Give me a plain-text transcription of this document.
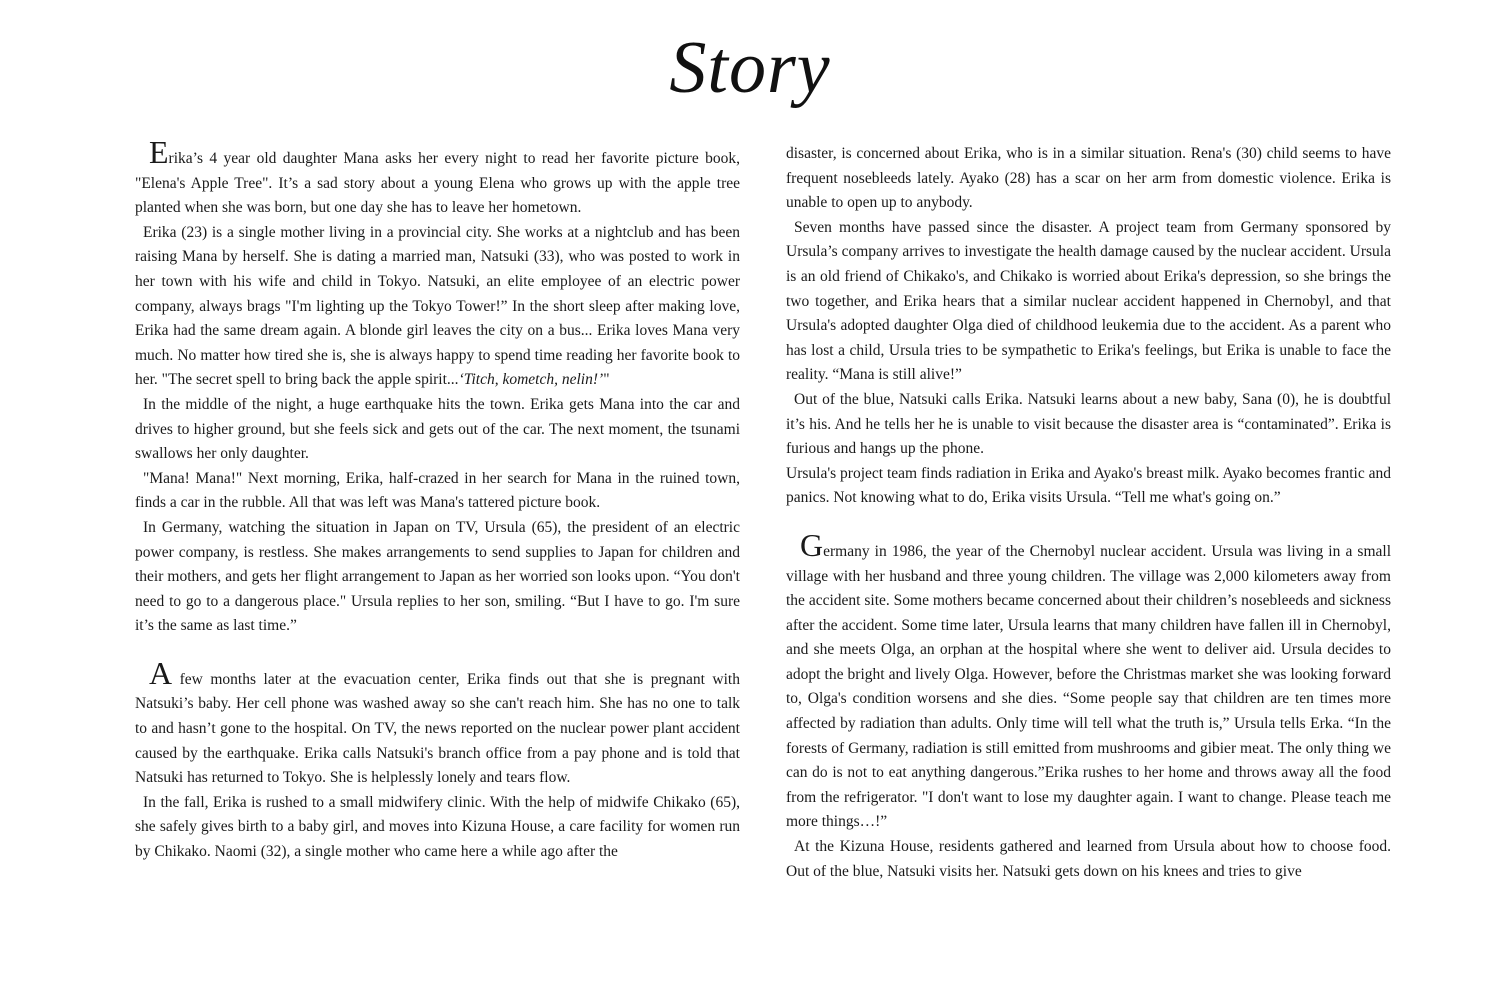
Story

Erika’s 4 year old daughter Mana asks her every night to read her favorite picture book, "Elena's Apple Tree". It’s a sad story about a young Elena who grows up with the apple tree planted when she was born, but one day she has to leave her hometown.

Erika (23) is a single mother living in a provincial city. She works at a nightclub and has been raising Mana by herself. She is dating a married man, Natsuki (33), who was posted to work in her town with his wife and child in Tokyo. Natsuki, an elite employee of an electric power company, always brags "I'm lighting up the Tokyo Tower!” In the short sleep after making love, Erika had the same dream again. A blonde girl leaves the city on a bus... Erika loves Mana very much. No matter how tired she is, she is always happy to spend time reading her favorite book to her. "The secret spell to bring back the apple spirit...‘Titch, kometch, nelin!’"

In the middle of the night, a huge earthquake hits the town. Erika gets Mana into the car and drives to higher ground, but she feels sick and gets out of the car. The next moment, the tsunami swallows her only daughter.

"Mana! Mana!" Next morning, Erika, half-crazed in her search for Mana in the ruined town, finds a car in the rubble. All that was left was Mana's tattered picture book.

In Germany, watching the situation in Japan on TV, Ursula (65), the president of an electric power company, is restless. She makes arrangements to send supplies to Japan for children and their mothers, and gets her flight arrangement to Japan as her worried son looks upon. “You don't need to go to a dangerous place." Ursula replies to her son, smiling. “But I have to go. I'm sure it’s the same as last time.”

A few months later at the evacuation center, Erika finds out that she is pregnant with Natsuki’s baby. Her cell phone was washed away so she can't reach him. She has no one to talk to and hasn’t gone to the hospital. On TV, the news reported on the nuclear power plant accident caused by the earthquake. Erika calls Natsuki's branch office from a pay phone and is told that Natsuki has returned to Tokyo. She is helplessly lonely and tears flow.

In the fall, Erika is rushed to a small midwifery clinic. With the help of midwife Chikako (65), she safely gives birth to a baby girl, and moves into Kizuna House, a care facility for women run by Chikako. Naomi (32), a single mother who came here a while ago after the

disaster, is concerned about Erika, who is in a similar situation. Rena's (30) child seems to have frequent nosebleeds lately. Ayako (28) has a scar on her arm from domestic violence. Erika is unable to open up to anybody.

Seven months have passed since the disaster. A project team from Germany sponsored by Ursula’s company arrives to investigate the health damage caused by the nuclear accident. Ursula is an old friend of Chikako's, and Chikako is worried about Erika's depression, so she brings the two together, and Erika hears that a similar nuclear accident happened in Chernobyl, and that Ursula's adopted daughter Olga died of childhood leukemia due to the accident. As a parent who has lost a child, Ursula tries to be sympathetic to Erika's feelings, but Erika is unable to face the reality. “Mana is still alive!”

Out of the blue, Natsuki calls Erika. Natsuki learns about a new baby, Sana (0), he is doubtful it’s his. And he tells her he is unable to visit because the disaster area is “contaminated”. Erika is furious and hangs up the phone.

Ursula's project team finds radiation in Erika and Ayako's breast milk. Ayako becomes frantic and panics. Not knowing what to do, Erika visits Ursula. “Tell me what's going on.”

Germany in 1986, the year of the Chernobyl nuclear accident. Ursula was living in a small village with her husband and three young children. The village was 2,000 kilometers away from the accident site. Some mothers became concerned about their children’s nosebleeds and sickness after the accident. Some time later, Ursula learns that many children have fallen ill in Chernobyl, and she meets Olga, an orphan at the hospital where she went to deliver aid. Ursula decides to adopt the bright and lively Olga. However, before the Christmas market she was looking forward to, Olga's condition worsens and she dies. “Some people say that children are ten times more affected by radiation than adults. Only time will tell what the truth is,” Ursula tells Erka. “In the forests of Germany, radiation is still emitted from mushrooms and gibier meat. The only thing we can do is not to eat anything dangerous.”Erika rushes to her home and throws away all the food from the refrigerator. "I don't want to lose my daughter again. I want to change. Please teach me more things…!”

At the Kizuna House, residents gathered and learned from Ursula about how to choose food. Out of the blue, Natsuki visits her. Natsuki gets down on his knees and tries to give
